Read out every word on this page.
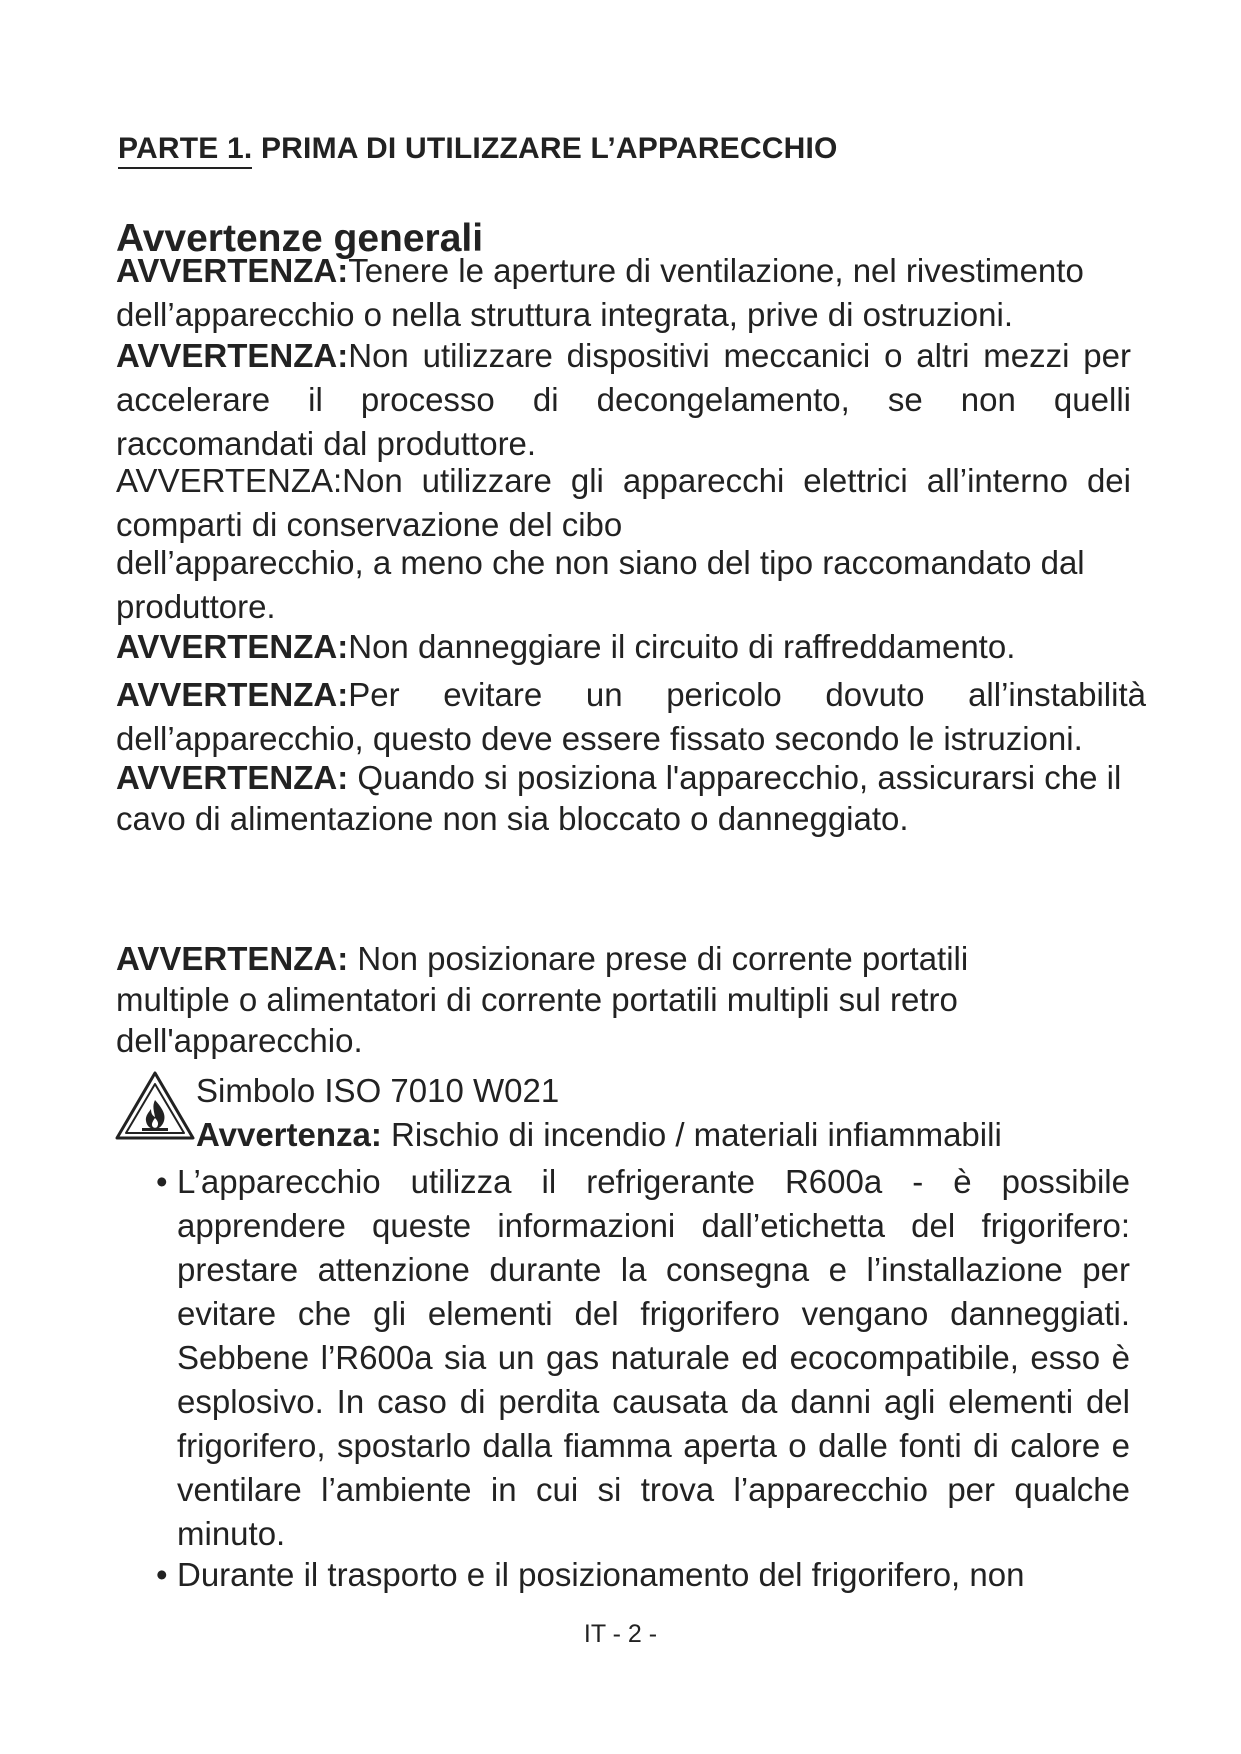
PARTE 1. PRIMA DI UTILIZZARE L’APPARECCHIO
Avvertenze generali
AVVERTENZA:Tenere le aperture di ventilazione, nel rivestimento dell’apparecchio o nella struttura integrata, prive di ostruzioni.
AVVERTENZA:Non utilizzare dispositivi meccanici o altri mezzi per accelerare il processo di decongelamento, se non quelli raccomandati dal produttore.
AVVERTENZA:Non utilizzare gli apparecchi elettrici all’interno dei comparti di conservazione del cibo
dell’apparecchio, a meno che non siano del tipo raccomandato dal produttore.
AVVERTENZA:Non danneggiare il circuito di raffreddamento.
AVVERTENZA:Per evitare un pericolo dovuto all’instabilità dell’apparecchio, questo deve essere fissato secondo le istruzioni.
AVVERTENZA: Quando si posiziona l'apparecchio, assicurarsi che il cavo di alimentazione non sia bloccato o danneggiato.
AVVERTENZA: Non posizionare prese di corrente portatili multiple o alimentatori di corrente portatili multipli sul retro dell'apparecchio.
Simbolo ISO 7010 W021
Avvertenza: Rischio di incendio / materiali infiammabili
• L’apparecchio utilizza il refrigerante R600a - è possibile apprendere queste informazioni dall’etichetta del frigorifero: prestare attenzione durante la consegna e l’installazione per evitare che gli elementi del frigorifero vengano danneggiati. Sebbene l’R600a sia un gas naturale ed ecocompatibile, esso è esplosivo. In caso di perdita causata da danni agli elementi del frigorifero, spostarlo dalla fiamma aperta o dalle fonti di calore e ventilare l’ambiente in cui si trova l’apparecchio per qualche minuto.
• Durante il trasporto e il posizionamento del frigorifero, non
IT - 2 -
